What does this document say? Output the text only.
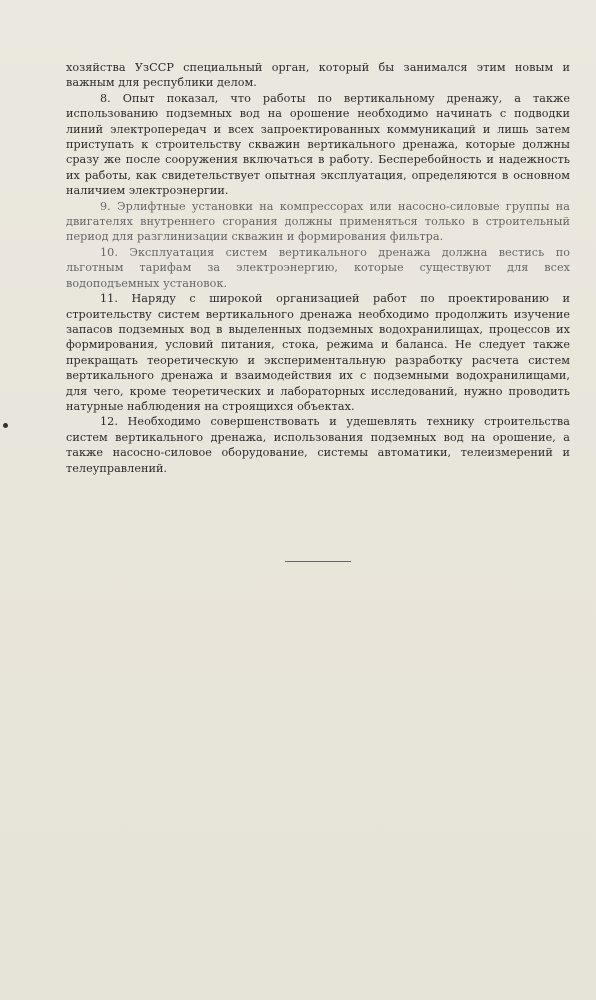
хозяйства УзССР специальный орган, который бы занимался этим новым и важным для республики делом.

8. Опыт показал, что работы по вертикальному дренажу, а также использованию подземных вод на орошение необходимо начинать с подводки линий электропередач и всех запроектированных коммуникаций и лишь затем приступать к строительству скважин вертикального дренажа, которые должны сразу же после сооружения включаться в работу. Бесперебойность и надежность их работы, как свидетельствует опытная эксплуатация, определяются в основном наличием электроэнергии.

9. Эрлифтные установки на компрессорах или насосно-силовые группы на двигателях внутреннего сгорания должны применяться только в строительный период для разглинизации скважин и формирования фильтра.

10. Эксплуатация систем вертикального дренажа должна вестись по льготным тарифам за электроэнергию, которые существуют для всех водоподъемных установок.

11. Наряду с широкой организацией работ по проектированию и строительству систем вертикального дренажа необходимо продолжить изучение запасов подземных вод в выделенных подземных водохранилищах, процессов их формирования, условий питания, стока, режима и баланса. Не следует также прекращать теоретическую и экспериментальную разработку расчета систем вертикального дренажа и взаимодействия их с подземными водохранилищами, для чего, кроме теоретических и лабораторных исследований, нужно проводить натурные наблюдения на строящихся объектах.

12. Необходимо совершенствовать и удешевлять технику строительства систем вертикального дренажа, использования подземных вод на орошение, а также насосно-силовое оборудование, системы автоматики, телеизмерений и телеуправлений.
